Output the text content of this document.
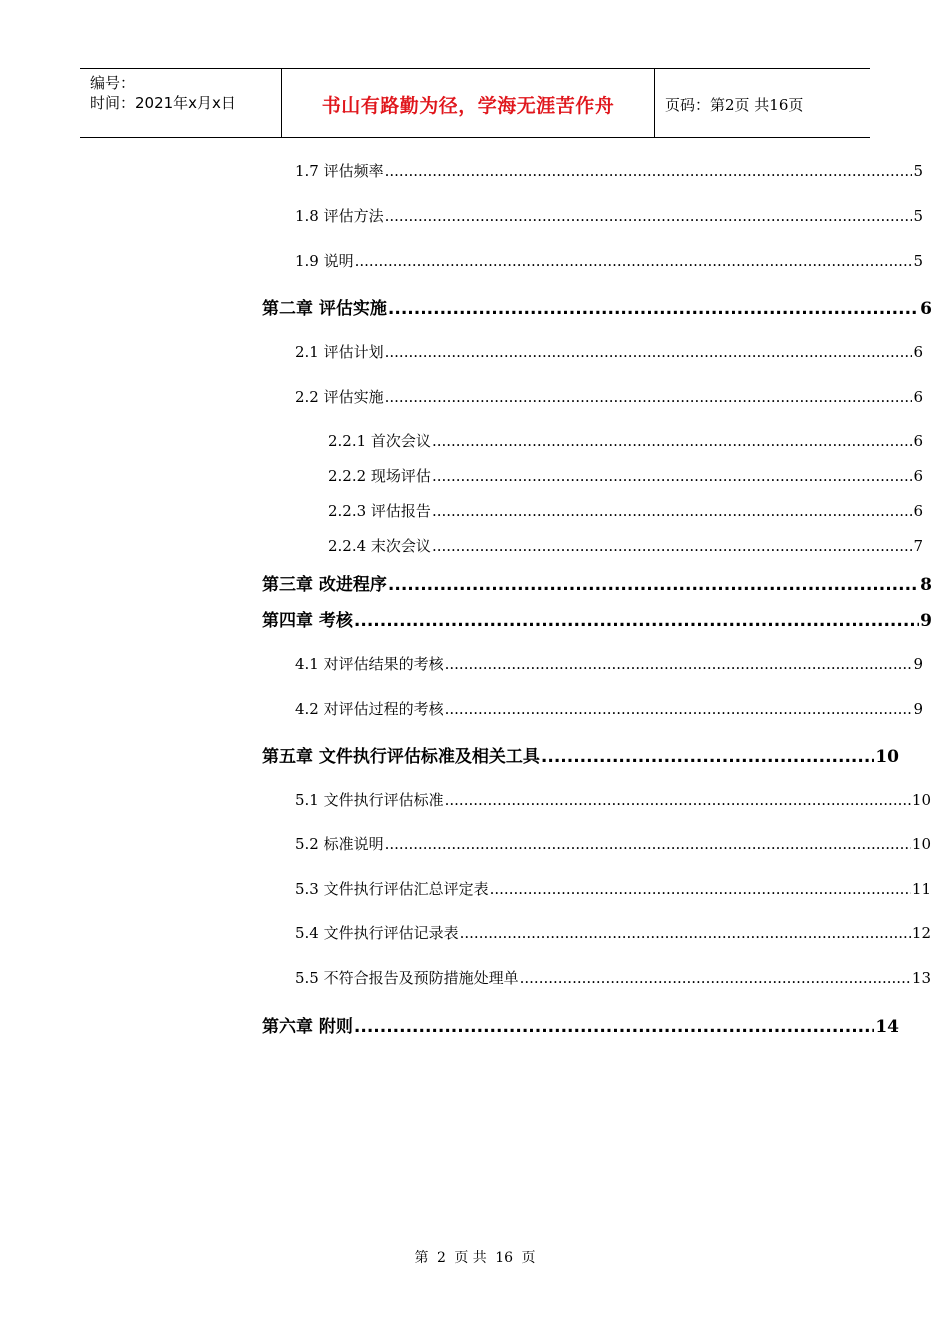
编号：
时间：2021年x月x日	书山有路勤为径，学海无涯苦作舟	页码：第2页 共16页
1.7 评估频率 .....	5
1.8 评估方法 .....	5
1.9 说明 .....	5
第二章 评估实施 .....	6
2.1 评估计划 .....	6
2.2 评估实施 .....	6
2.2.1 首次会议 .....	6
2.2.2 现场评估 .....	6
2.2.3 评估报告 .....	6
2.2.4 末次会议 .....	7
第三章 改进程序 .....	8
第四章 考核 .....	9
4.1 对评估结果的考核 .....	9
4.2 对评估过程的考核 .....	9
第五章 文件执行评估标准及相关工具 .....	10
5.1 文件执行评估标准 .....	10
5.2 标准说明 .....	10
5.3 文件执行评估汇总评定表 .....	11
5.4 文件执行评估记录表 .....	12
5.5 不符合报告及预防措施处理单 .....	13
第六章 附则 .....	14
第 2 页 共 16 页
